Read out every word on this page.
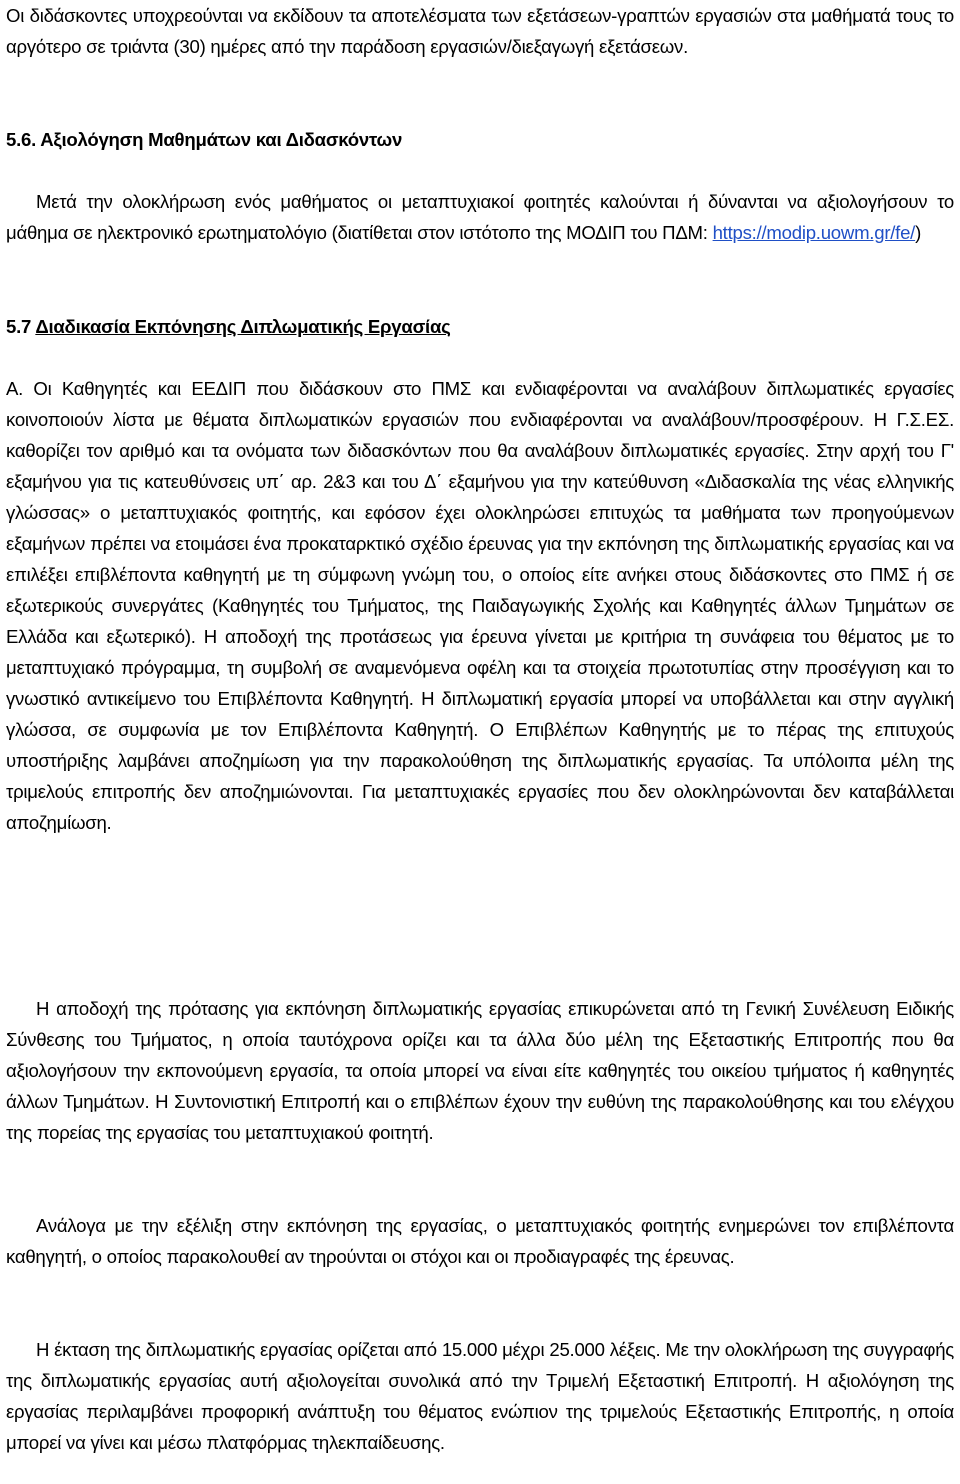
Οι διδάσκοντες υποχρεούνται να εκδίδουν τα αποτελέσματα των εξετάσεων-γραπτών εργασιών στα μαθήματά τους το αργότερο σε τριάντα (30) ημέρες από την παράδοση εργασιών/διεξαγωγή εξετάσεων.

5.6. Αξιολόγηση Μαθημάτων και Διδασκόντων

Μετά την ολοκλήρωση ενός μαθήματος οι μεταπτυχιακοί φοιτητές καλούνται ή δύνανται να αξιολογήσουν το μάθημα σε ηλεκτρονικό ερωτηματολόγιο (διατίθεται στον ιστότοπο της ΜΟΔΙΠ του ΠΔΜ: https://modip.uowm.gr/fe/)

5.7 Διαδικασία Εκπόνησης Διπλωματικής Εργασίας

Α. Οι Καθηγητές και ΕΕΔΙΠ που διδάσκουν στο ΠΜΣ και ενδιαφέρονται να αναλάβουν διπλωματικές εργασίες κοινοποιούν λίστα με θέματα διπλωματικών εργασιών που ενδιαφέρονται να αναλάβουν/προσφέρουν. Η Γ.Σ.ΕΣ. καθορίζει τον αριθμό και τα ονόματα των διδασκόντων που θα αναλάβουν διπλωματικές εργασίες. Στην αρχή του Γ' εξαμήνου για τις κατευθύνσεις υπ΄ αρ. 2&3 και του Δ΄ εξαμήνου για την κατεύθυνση «Διδασκαλία της νέας ελληνικής γλώσσας» ο μεταπτυχιακός φοιτητής, και εφόσον έχει ολοκληρώσει επιτυχώς τα μαθήματα των προηγούμενων εξαμήνων πρέπει να ετοιμάσει ένα προκαταρκτικό σχέδιο έρευνας για την εκπόνηση της διπλωματικής εργασίας και να επιλέξει επιβλέποντα καθηγητή με τη σύμφωνη γνώμη του, ο οποίος είτε ανήκει στους διδάσκοντες στο ΠΜΣ ή σε εξωτερικούς συνεργάτες (Καθηγητές του Τμήματος, της Παιδαγωγικής Σχολής και Καθηγητές άλλων Τμημάτων σε Ελλάδα και εξωτερικό). Η αποδοχή της προτάσεως για έρευνα γίνεται με κριτήρια τη συνάφεια του θέματος με το μεταπτυχιακό πρόγραμμα, τη συμβολή σε αναμενόμενα οφέλη και τα στοιχεία πρωτοτυπίας στην προσέγγιση και το γνωστικό αντικείμενο του Επιβλέποντα Καθηγητή. Η διπλωματική εργασία μπορεί να υποβάλλεται και στην αγγλική γλώσσα, σε συμφωνία με τον Επιβλέποντα Καθηγητή. Ο Επιβλέπων Καθηγητής με το πέρας της επιτυχούς υποστήριξης λαμβάνει αποζημίωση για την παρακολούθηση της διπλωματικής εργασίας. Τα υπόλοιπα μέλη της τριμελούς επιτροπής δεν αποζημιώνονται. Για μεταπτυχιακές εργασίες που δεν ολοκληρώνονται δεν καταβάλλεται αποζημίωση.

Η αποδοχή της πρότασης για εκπόνηση διπλωματικής εργασίας επικυρώνεται από τη Γενική Συνέλευση Ειδικής Σύνθεσης του Τμήματος, η οποία ταυτόχρονα ορίζει και τα άλλα δύο μέλη της Εξεταστικής Επιτροπής που θα αξιολογήσουν την εκπονούμενη εργασία, τα οποία μπορεί να είναι είτε καθηγητές του οικείου τμήματος ή καθηγητές άλλων Τμημάτων. Η Συντονιστική Επιτροπή και ο επιβλέπων έχουν την ευθύνη της παρακολούθησης και του ελέγχου της πορείας της εργασίας του μεταπτυχιακού φοιτητή.

Ανάλογα με την εξέλιξη στην εκπόνηση της εργασίας, ο μεταπτυχιακός φοιτητής ενημερώνει τον επιβλέποντα καθηγητή, ο οποίος παρακολουθεί αν τηρούνται οι στόχοι και οι προδιαγραφές της έρευνας.

Η έκταση της διπλωματικής εργασίας ορίζεται από 15.000 μέχρι 25.000 λέξεις. Με την ολοκλήρωση της συγγραφής της διπλωματικής εργασίας αυτή αξιολογείται συνολικά από την Τριμελή Εξεταστική Επιτροπή. Η αξιολόγηση της εργασίας περιλαμβάνει προφορική ανάπτυξη του θέματος ενώπιον της τριμελούς Εξεταστικής Επιτροπής, η οποία μπορεί να γίνει και μέσω πλατφόρμας τηλεκπαίδευσης.
